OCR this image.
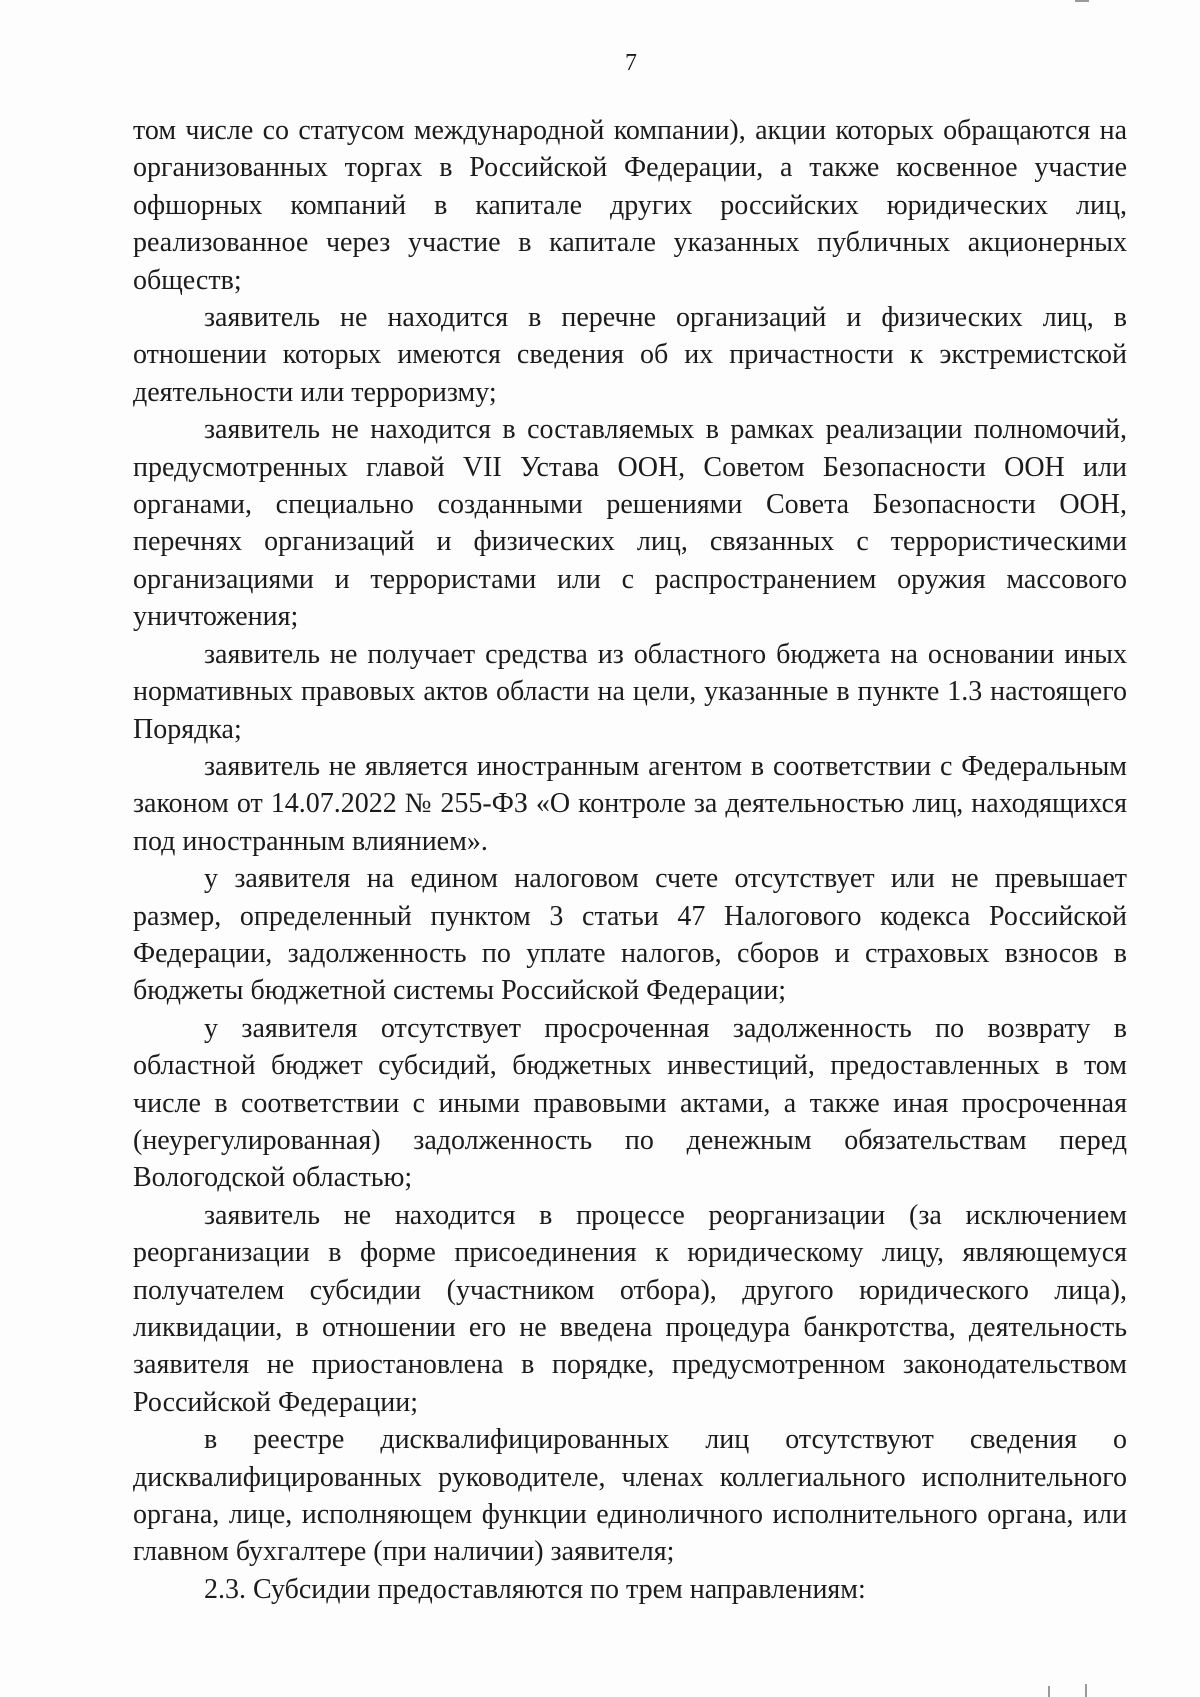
7

том числе со статусом международной компании), акции которых обращаются на организованных торгах в Российской Федерации, а также косвенное участие офшорных компаний в капитале других российских юридических лиц, реализованное через участие в капитале указанных публичных акционерных обществ;

заявитель не находится в перечне организаций и физических лиц, в отношении которых имеются сведения об их причастности к экстремистской деятельности или терроризму;

заявитель не находится в составляемых в рамках реализации полномочий, предусмотренных главой VII Устава ООН, Советом Безопасности ООН или органами, специально созданными решениями Совета Безопасности ООН, перечнях организаций и физических лиц, связанных с террористическими организациями и террористами или с распространением оружия массового уничтожения;

заявитель не получает средства из областного бюджета на основании иных нормативных правовых актов области на цели, указанные в пункте 1.3 настоящего Порядка;

заявитель не является иностранным агентом в соответствии с Федеральным законом от 14.07.2022 № 255-ФЗ «О контроле за деятельностью лиц, находящихся под иностранным влиянием».

у заявителя на едином налоговом счете отсутствует или не превышает размер, определенный пунктом 3 статьи 47 Налогового кодекса Российской Федерации, задолженность по уплате налогов, сборов и страховых взносов в бюджеты бюджетной системы Российской Федерации;

у заявителя отсутствует просроченная задолженность по возврату в областной бюджет субсидий, бюджетных инвестиций, предоставленных в том числе в соответствии с иными правовыми актами, а также иная просроченная (неурегулированная) задолженность по денежным обязательствам перед Вологодской областью;

заявитель не находится в процессе реорганизации (за исключением реорганизации в форме присоединения к юридическому лицу, являющемуся получателем субсидии (участником отбора), другого юридического лица), ликвидации, в отношении его не введена процедура банкротства, деятельность заявителя не приостановлена в порядке, предусмотренном законодательством Российской Федерации;

в реестре дисквалифицированных лиц отсутствуют сведения о дисквалифицированных руководителе, членах коллегиального исполнительного органа, лице, исполняющем функции единоличного исполнительного органа, или главном бухгалтере (при наличии) заявителя;

2.3. Субсидии предоставляются по трем направлениям:
